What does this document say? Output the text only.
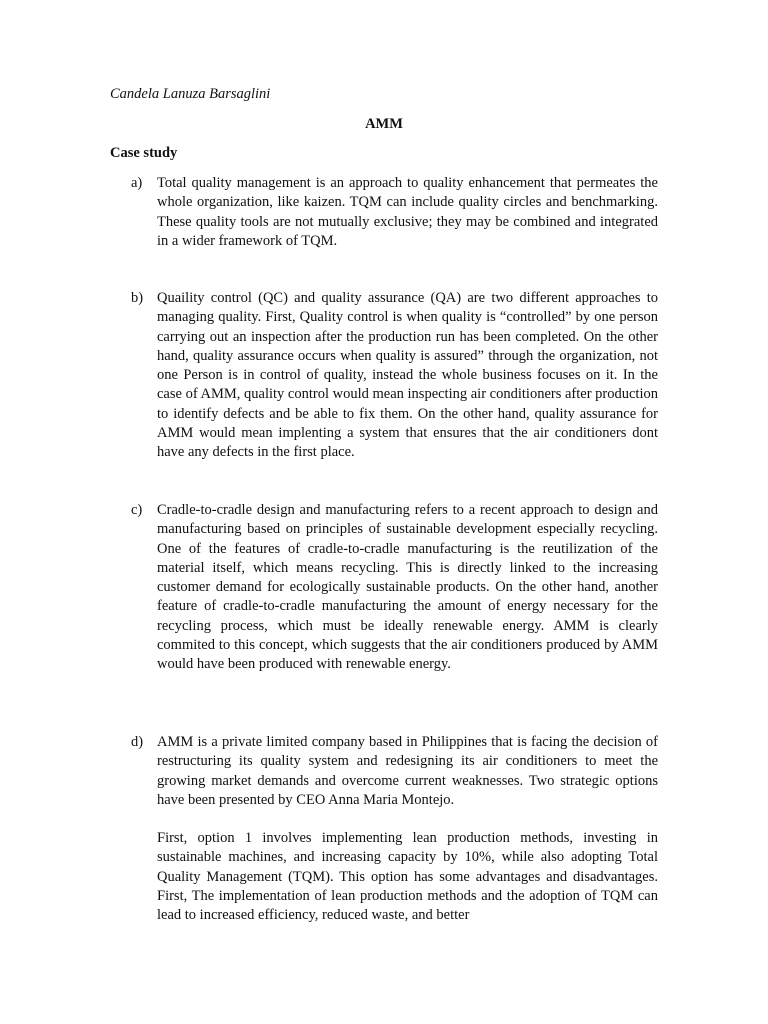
Candela Lanuza Barsaglini
AMM
Case study
a) Total quality management is an approach to quality enhancement that permeates the whole organization, like kaizen. TQM can include quality circles and benchmarking. These quality tools are not mutually exclusive; they may be combined and integrated in a wider framework of TQM.

b) Quaility control (QC) and quality assurance (QA) are two different approaches to managing quality. First, Quality control is when quality is “controlled” by one person carrying out an inspection after the production run has been completed. On the other hand, quality assurance occurs when quality is assured” through the organization, not one Person is in control of quality, instead the whole business focuses on it. In the case of AMM, quality control would mean inspecting air conditioners after production to identify defects and be able to fix them. On the other hand, quality assurance for AMM would mean implenting a system that ensures that the air conditioners dont have any defects in the first place.

c) Cradle-to-cradle design and manufacturing refers to a recent approach to design and manufacturing based on principles of sustainable development especially recycling. One of the features of cradle-to-cradle manufacturing is the reutilization of the material itself, which means recycling. This is directly linked to the increasing customer demand for ecologically sustainable products. On the other hand, another feature of cradle-to-cradle manufacturing the amount of energy necessary for the recycling process, which must be ideally renewable energy. AMM is clearly commited to this concept, which suggests that the air conditioners produced by AMM would have been produced with renewable energy.

d) AMM is a private limited company based in Philippines that is facing the decision of restructuring its quality system and redesigning its air conditioners to meet the growing market demands and overcome current weaknesses. Two strategic options have been presented by CEO Anna Maria Montejo.

First, option 1 involves implementing lean production methods, investing in sustainable machines, and increasing capacity by 10%, while also adopting Total Quality Management (TQM). This option has some advantages and disadvantages. First, The implementation of lean production methods and the adoption of TQM can lead to increased efficiency, reduced waste, and better
